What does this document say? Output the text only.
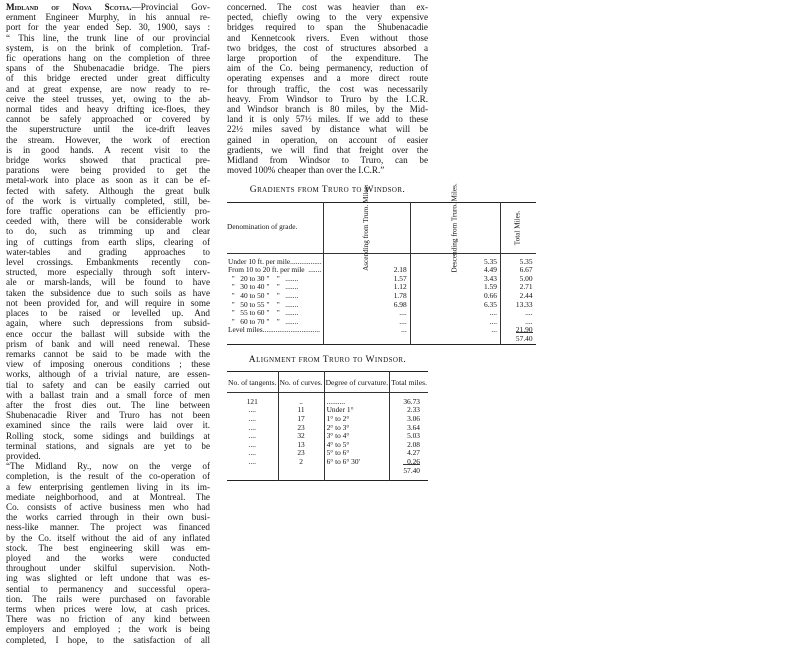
Midland of Nova Scotia.—Provincial Gov-
ernment Engineer Murphy, in his annual re-
port for the year ended Sep. 30, 1900, says :
“ This line, the trunk line of our provincial
system, is on the brink of completion. Traf-
fic operations hang on the completion of three
spans of the Shubenacadie bridge. The piers
of this bridge erected under great difficulty
and at great expense, are now ready to re-
ceive the steel trusses, yet, owing to the ab-
normal tides and heavy drifting ice-floes, they
cannot be safely approached or covered by
the superstructure until the ice-drift leaves
the stream. However, the work of erection
is in good hands. A recent visit to the
bridge works showed that practical pre-
parations were being provided to get the
metal-work into place as soon as it can be ef-
fected with safety. Although the great bulk
of the work is virtually completed, still, be-
fore traffic operations can be efficiently pro-
ceeded with, there will be considerable work
to do, such as trimming up and clear
ing of cuttings from earth slips, clearing of
water-tables and grading approaches to
level crossings. Embankments recently con-
structed, more especially through soft interv-
ale or marsh-lands, will be found to have
taken the subsidence due to such soils as have
not been provided for, and will require in some
places to be raised or levelled up. And
again, where such depressions from subsid-
ence occur the ballast will subside with the
prism of bank and will need renewal. These
remarks cannot be said to be made with the
view of imposing onerous conditions ; these
works, although of a trivial nature, are essen-
tial to safety and can be easily carried out
with a ballast train and a small force of men
after the frost dies out. The line between
Shubenacadie River and Truro has not been
examined since the rails were laid over it.
Rolling stock, some sidings and buildings at
terminal stations, and signals are yet to be
provided.
“The Midland Ry., now on the verge of
completion, is the result of the co-operation of
a few enterprising gentlemen living in its im-
mediate neighborhood, and at Montreal. The
Co. consists of active business men who had
the works carried through in their own busi-
ness-like manner. The project was financed
by the Co. itself without the aid of any inflated
stock. The best engineering skill was em-
ployed and the works were conducted
throughout under skilful supervision. Noth-
ing was slighted or left undone that was es-
sential to permanency and successful opera-
tion. The rails were purchased on favorable
terms when prices were low, at cash prices.
There was no friction of any kind between
employers and employed ; the work is being
completed, I hope, to the satisfaction of all
concerned. The cost was heavier than ex-
pected, chiefly owing to the very expensive
bridges required to span the Shubenacadie
and Kennetcook rivers. Even without those
two bridges, the cost of structures absorbed a
large proportion of the expenditure. The
aim of the Co. being permanency, reduction of
operating expenses and a more direct route
for through traffic, the cost was necessarily
heavy. From Windsor to Truro by the I.C.R.
and Windsor branch is 80 miles, by the Mid-
land it is only 57½ miles. If we add to these
22½ miles saved by distance what will be
gained in operation, on account of easier
gradients, we will find that freight over the
Midland from Windsor to Truro, can be
moved 100% cheaper than over the I.C.R.”
Gradients from Truro to Windsor.
Denomination of grade.	Ascending from Truro. Miles.	Descending from Truro. Miles.	Total Miles.

Under 10 ft. per mile.................		5.35	5.35
From 10 to 20 ft. per mile  .......	2.18	4.49	6.67
"   20 to 30 "    "   .......	1.57	3.43	5.00
"   30 to 40 "    "   .......	1.12	1.59	2.71
"   40 to 50 "    "   .......	1.78	0.66	2.44
"   50 to 55 "    "   .......	6.98	6.35	13.33
"   55 to 60 "    "   .......	....	....	....
"   60 to 70 "    "   .......	....	....	....
Level miles...............................	...	...	21.90
			57.40
Alignment from Truro to Windsor.
No. of tangents.	No. of curves.	Degree of curvature.	Total miles.

121	..	..........	36.73
....	11	Under 1°	2.33
....	17	1° to 2°	3.06
....	23	2° to 3°	3.64
....	32	3° to 4°	5.03
....	13	4° to 5°	2.08
....	23	5° to 6°	4.27
....	2	6° to 6° 30'	0.26
			57.40
